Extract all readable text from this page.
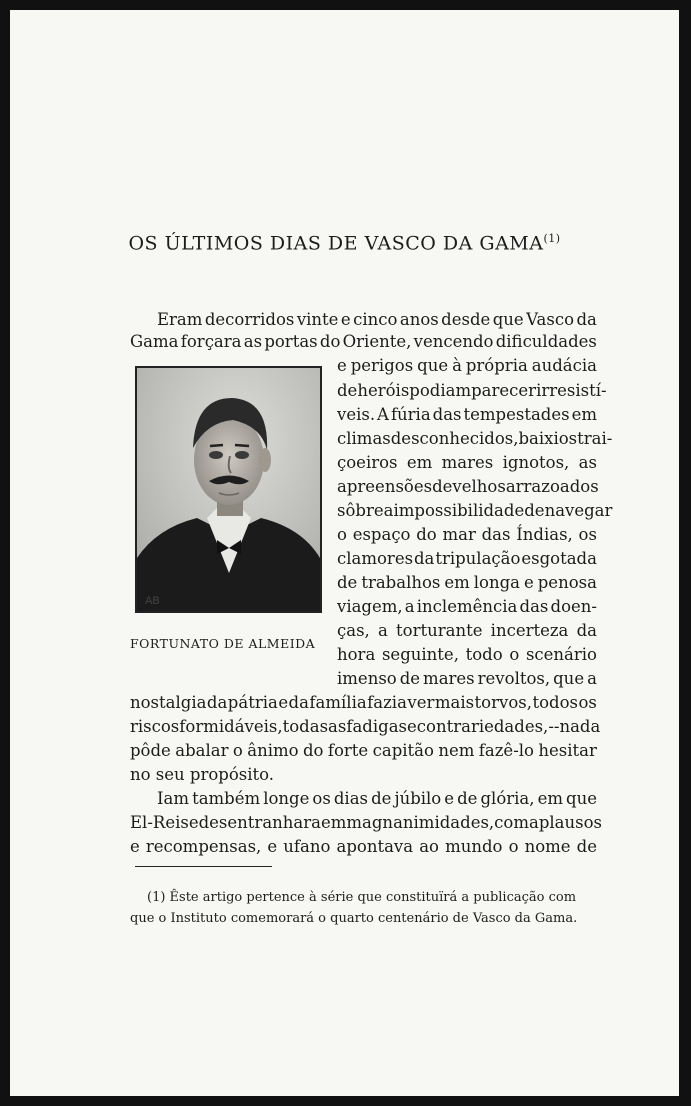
OS ÚLTIMOS DIAS DE VASCO DA GAMA$^{(1)}$
Eram decorridos vinte e cinco anos desde que Vasco da
Gama forçara as portas do Oriente, vencendo dificuldades
e perigos que à própria audácia
de heróis podiam parecer irresistí-
veis. A fúria das tempestades em
climas desconhecidos, baixios trai-
çoeiros em mares ignotos, as
apreensões de velhos arrazoados
sôbre a impossibilidade de navegar
o espaço do mar das Índias, os
clamores da tripulação esgotada
de trabalhos em longa e penosa
viagem, a inclemência das doen-
ças, a torturante incerteza da
hora seguinte, todo o scenário
imenso de mares revoltos, que a
nostalgia da pátria e da família fazia ver mais torvos, todos os
riscos formidáveis, todas as fadigas e contrariedades, -- nada
pôde abalar o ânimo do forte capitão nem fazê-lo hesitar
no seu propósito.
Iam também longe os dias de júbilo e de glória, em que
El-Rei se desentranhara em magnanimidades, com aplausos
e recompensas, e ufano apontava ao mundo o nome de
AB
FORTUNATO DE ALMEIDA
(1) Êste artigo pertence à série que constituïrá a publicação com
que o Instituto comemorará o quarto centenário de Vasco da Gama.
